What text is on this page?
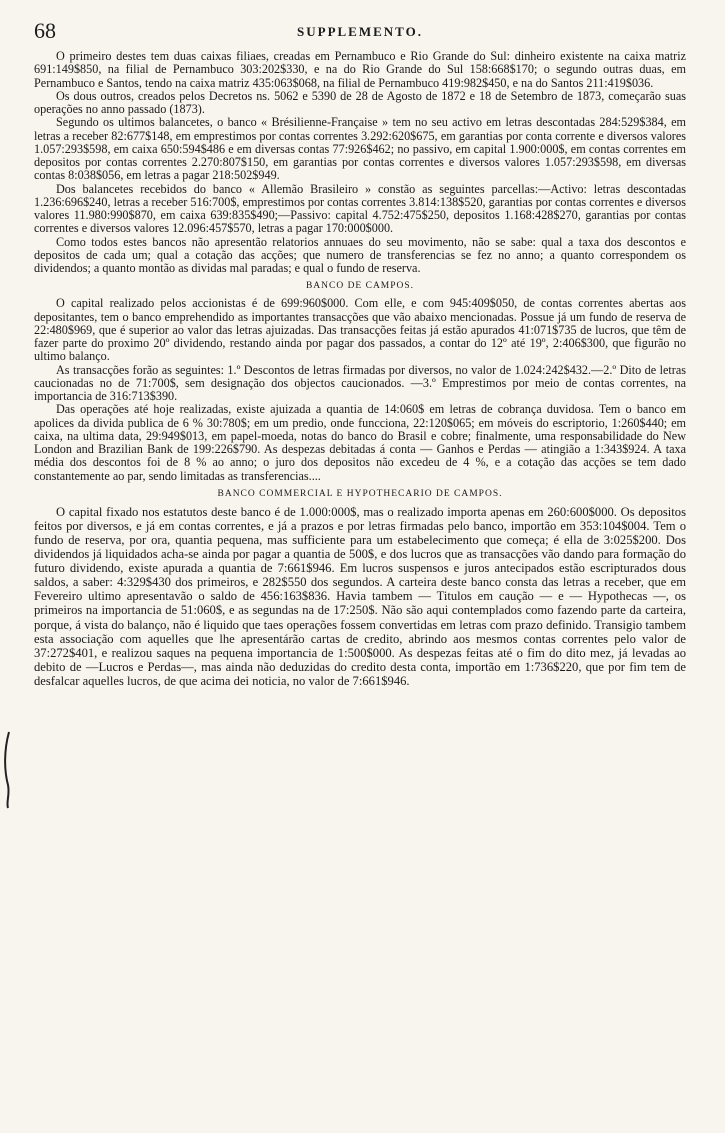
68	SUPPLEMENTO.

O primeiro destes tem duas caixas filiaes, creadas em Pernambuco e Rio Grande do Sul: dinheiro existente na caixa matriz 691:149$850, na filial de Pernambuco 303:202$330, e na do Rio Grande do Sul 158:668$170; o segundo outras duas, em Pernambuco e Santos, tendo na caixa matriz 435:063$068, na filial de Pernambuco 419:982$450, e na do Santos 211:419$036.

Os dous outros, creados pelos Decretos ns. 5062 e 5390 de 28 de Agosto de 1872 e 18 de Setembro de 1873, começarão suas operações no anno passado (1873).

Segundo os ultimos balancetes, o banco « Brésilienne-Française » tem no seu activo em letras descontadas 284:529$384, em letras a receber 82:677$148, em emprestimos por contas correntes 3.292:620$675, em garantias por conta corrente e diversos valores 1.057:293$598, em caixa 650:594$486 e em diversas contas 77:926$462; no passivo, em capital 1.900:000$, em contas correntes em depositos por contas correntes 2.270:807$150, em garantias por contas correntes e diversos valores 1.057:293$598, em diversas contas 8:038$056, em letras a pagar 218:502$949.

Dos balancetes recebidos do banco « Allemão Brasileiro » constão as seguintes parcellas:—Activo: letras descontadas 1.236:696$240, letras a receber 516:700$, emprestimos por contas correntes 3.814:138$520, garantias por contas correntes e diversos valores 11.980:990$870, em caixa 639:835$490;—Passivo: capital 4.752:475$250, depositos 1.168:428$270, garantias por contas correntes e diversos valores 12.096:457$570, letras a pagar 170:000$000.

Como todos estes bancos não apresentão relatorios annuaes do seu movimento, não se sabe: qual a taxa dos descontos e depositos de cada um; qual a cotação das acções; que numero de transferencias se fez no anno; a quanto correspondem os dividendos; a quanto montão as dividas mal paradas; e qual o fundo de reserva.

BANCO DE CAMPOS.

O capital realizado pelos accionistas é de 699:960$000. Com elle, e com 945:409$050, de contas correntes abertas aos depositantes, tem o banco emprehendido as importantes transacções que vão abaixo mencionadas. Possue já um fundo de reserva de 22:480$969, que é superior ao valor das letras ajuizadas. Das transacções feitas já estão apurados 41:071$735 de lucros, que têm de fazer parte do proximo 20º dividendo, restando ainda por pagar dos passados, a contar do 12º até 19º, 2:406$300, que figurão no ultimo balanço.

As transacções forão as seguintes: 1.º Descontos de letras firmadas por diversos, no valor de 1.024:242$432.—2.º Dito de letras caucionadas no de 71:700$, sem designação dos objectos caucionados. —3.º Emprestimos por meio de contas correntes, na importancia de 316:713$390.

Das operações até hoje realizadas, existe ajuizada a quantia de 14:060$ em letras de cobrança duvidosa. Tem o banco em apolices da divida publica de 6 % 30:780$; em um predio, onde funcciona, 22:120$065; em móveis do escriptorio, 1:260$440; em caixa, na ultima data, 29:949$013, em papel-moeda, notas do banco do Brasil e cobre; finalmente, uma responsabilidade do New London and Brazilian Bank de 199:226$790. As despezas debitadas á conta — Ganhos e Perdas — atingião a 1:343$924. A taxa média dos descontos foi de 8 % ao anno; o juro dos depositos não excedeu de 4 %, e a cotação das acções se tem dado constantemente ao par, sendo limitadas as transferencias....

BANCO COMMERCIAL E HYPOTHECARIO DE CAMPOS.

O capital fixado nos estatutos deste banco é de 1.000:000$, mas o realizado importa apenas em 260:600$000. Os depositos feitos por diversos, e já em contas correntes, e já a prazos e por letras firmadas pelo banco, importão em 353:104$004. Tem o fundo de reserva, por ora, quantia pequena, mas sufficiente para um estabelecimento que começa; é ella de 3:025$200. Dos dividendos já liquidados acha-se ainda por pagar a quantia de 500$, e dos lucros que as transacções vão dando para formação do futuro dividendo, existe apurada a quantia de 7:661$946. Em lucros suspensos e juros antecipados estão escripturados dous saldos, a saber: 4:329$430 dos primeiros, e 282$550 dos segundos. A carteira deste banco consta das letras a receber, que em Fevereiro ultimo apresentavão o saldo de 456:163$836. Havia tambem — Titulos em caução — e — Hypothecas —, os primeiros na importancia de 51:060$, e as segundas na de 17:250$. Não são aqui contemplados como fazendo parte da carteira, porque, á vista do balanço, não é liquido que taes operações fossem convertidas em letras com prazo definido. Transigio tambem esta associação com aquelles que lhe apresentárão cartas de credito, abrindo aos mesmos contas correntes pelo valor de 37:272$401, e realizou saques na pequena importancia de 1:500$000. As despezas feitas até o fim do dito mez, já levadas ao debito de —Lucros e Perdas—, mas ainda não deduzidas do credito desta conta, importão em 1:736$220, que por fim tem de desfalcar aquelles lucros, de que acima dei noticia, no valor de 7:661$946.
